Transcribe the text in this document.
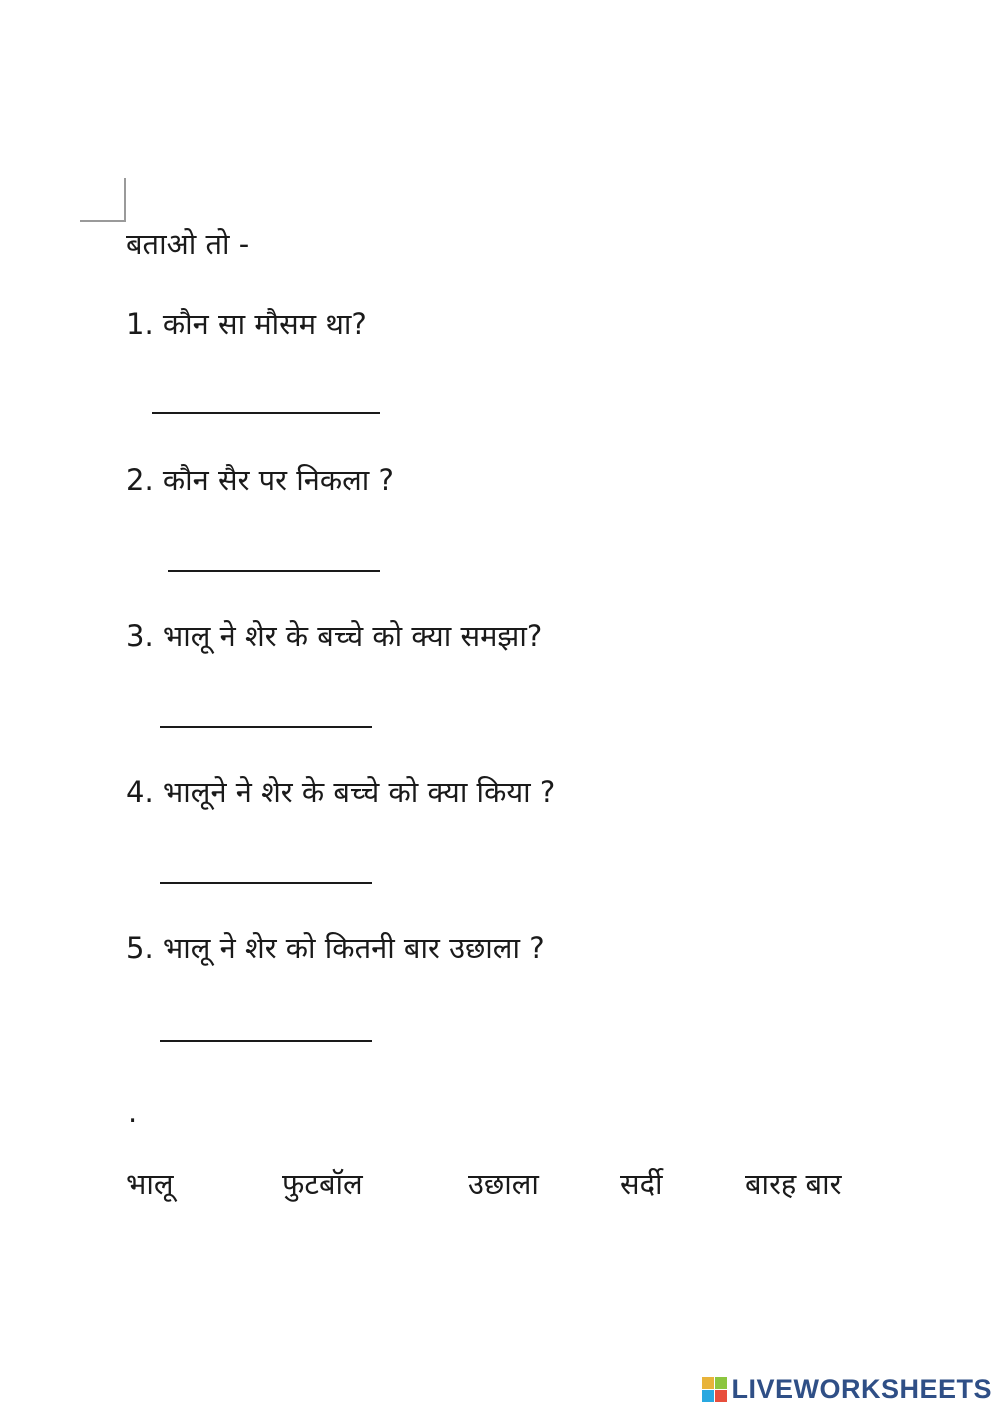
बताओ तो -
1. कौन सा मौसम था?
2. कौन सैर पर निकला ?
3. भालू ने शेर के बच्चे को क्या समझा?
4. भालूने ने शेर के बच्चे को क्या किया ?
5. भालू ने शेर को कितनी बार उछाला ?
.
भालू	फुटबॉल	उछाला	सर्दी	बारह बार
LIVEWORKSHEETS
